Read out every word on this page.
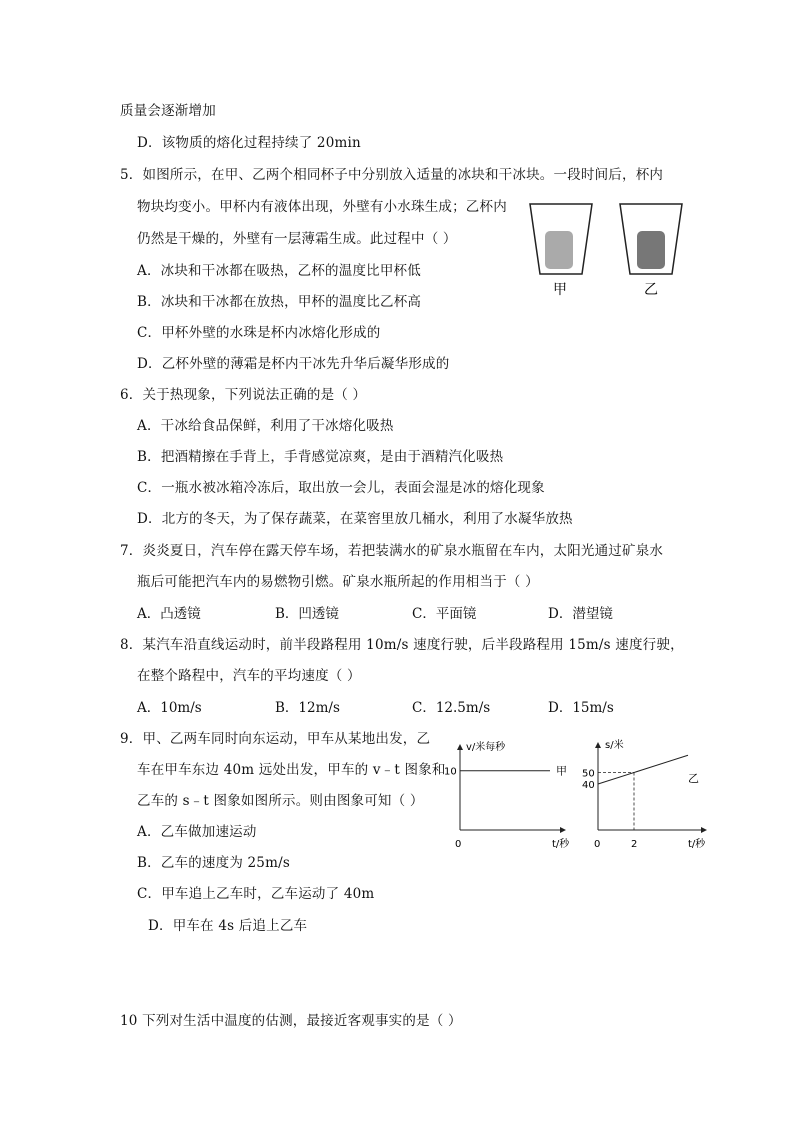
质量会逐渐增加
D．该物质的熔化过程持续了 20min
5．如图所示，在甲、乙两个相同杯子中分别放入适量的冰块和干冰块。一段时间后，杯内
物块均变小。甲杯内有液体出现，外壁有小水珠生成；乙杯内
仍然是干燥的，外壁有一层薄霜生成。此过程中（ ）
A．冰块和干冰都在吸热，乙杯的温度比甲杯低
B．冰块和干冰都在放热，甲杯的温度比乙杯高
C．甲杯外壁的水珠是杯内冰熔化形成的
D．乙杯外壁的薄霜是杯内干冰先升华后凝华形成的
甲	乙
6．关于热现象，下列说法正确的是（ ）
A．干冰给食品保鲜，利用了干冰熔化吸热
B．把酒精擦在手背上，手背感觉凉爽，是由于酒精汽化吸热
C．一瓶水被冰箱冷冻后，取出放一会儿，表面会湿是冰的熔化现象
D．北方的冬天，为了保存蔬菜，在菜窖里放几桶水，利用了水凝华放热
7．炎炎夏日，汽车停在露天停车场，若把装满水的矿泉水瓶留在车内，太阳光通过矿泉水
瓶后可能把汽车内的易燃物引燃。矿泉水瓶所起的作用相当于（ ）
A．凸透镜	B．凹透镜	C．平面镜	D．潜望镜
8．某汽车沿直线运动时，前半段路程用 10m/s 速度行驶，后半段路程用 15m/s 速度行驶，
在整个路程中，汽车的平均速度（ ）
A．10m/s	B．12m/s	C．12.5m/s	D．15m/s
9．甲、乙两车同时向东运动，甲车从某地出发，乙
车在甲车东边 40m 远处出发，甲车的 v﹣t 图象和
乙车的 s﹣t 图象如图所示。则由图象可知（ ）
A．乙车做加速运动
B．乙车的速度为 25m/s
C．甲车追上乙车时，乙车运动了 40m
D．甲车在 4s 后追上乙车
v/米每秒
t/秒
0
10	甲
s/米
t/秒
0
50
40
2
乙
10 下列对生活中温度的估测，最接近客观事实的是（ ）
